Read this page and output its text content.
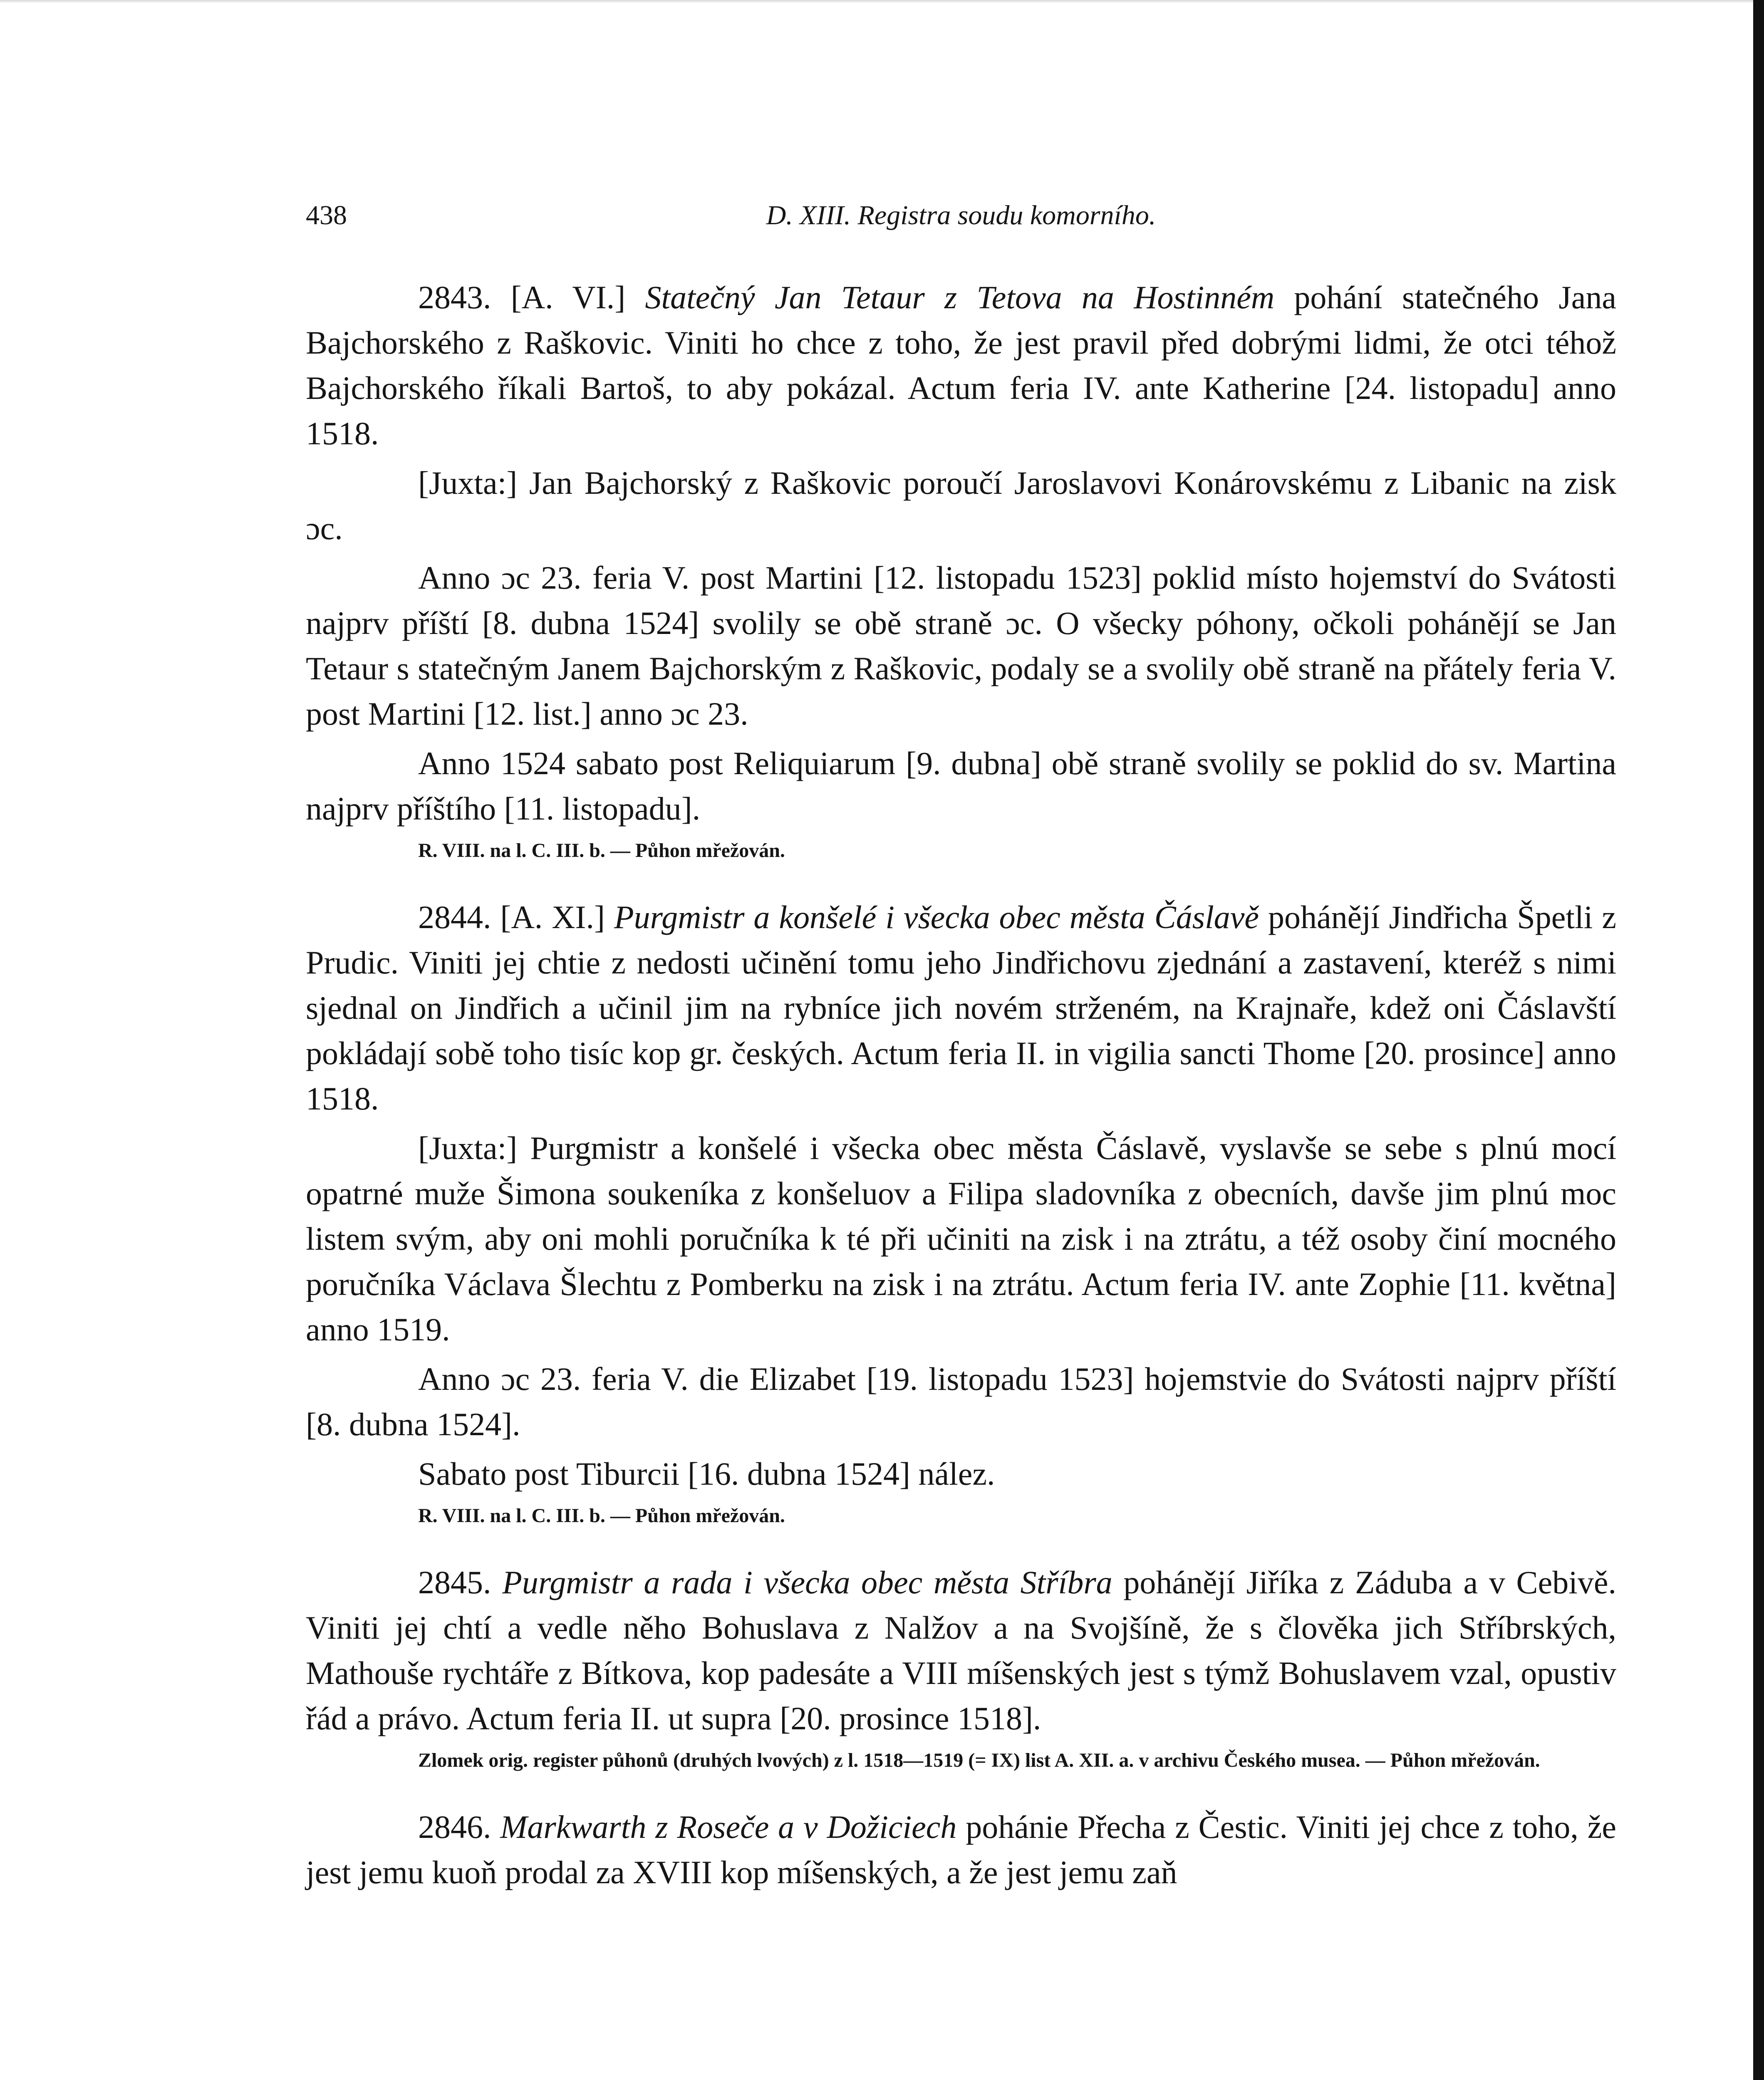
438	D. XIII. Registra soudu komorního.

2843. [A. VI.] Statečný Jan Tetaur z Tetova na Hostinném pohání statečného Jana Bajchorského z Raškovic. Viniti ho chce z toho, že jest pravil před dobrými lidmi, že otci téhož Bajchorského říkali Bartoš, to aby pokázal. Actum feria IV. ante Katherine [24. listopadu] anno 1518.

[Juxta:] Jan Bajchorský z Raškovic poroučí Jaroslavovi Konárovskému z Libanic na zisk ɔc.

Anno ɔc 23. feria V. post Martini [12. listopadu 1523] poklid místo hojemství do Svátosti najprv příští [8. dubna 1524] svolily se obě straně ɔc. O všecky póhony, očkoli pohánějí se Jan Tetaur s statečným Janem Bajchorským z Raškovic, podaly se a svolily obě straně na přátely feria V. post Martini [12. list.] anno ɔc 23.

Anno 1524 sabato post Reliquiarum [9. dubna] obě straně svolily se poklid do sv. Martina najprv příštího [11. listopadu].

R. VIII. na l. C. III. b. — Půhon mřežován.

2844. [A. XI.] Purgmistr a konšelé i všecka obec města Čáslavě pohánějí Jindřicha Špetli z Prudic. Viniti jej chtie z nedosti učinění tomu jeho Jindřichovu zjednání a zastavení, kteréž s nimi sjednal on Jindřich a učinil jim na rybníce jich novém strženém, na Krajnaře, kdež oni Čáslavští pokládají sobě toho tisíc kop gr. českých. Actum feria II. in vigilia sancti Thome [20. prosince] anno 1518.

[Juxta:] Purgmistr a konšelé i všecka obec města Čáslavě, vyslavše se sebe s plnú mocí opatrné muže Šimona soukeníka z konšeluov a Filipa sladovníka z obecních, davše jim plnú moc listem svým, aby oni mohli poručníka k té při učiniti na zisk i na ztrátu, a též osoby činí mocného poručníka Václava Šlechtu z Pomberku na zisk i na ztrátu. Actum feria IV. ante Zophie [11. května] anno 1519.

Anno ɔc 23. feria V. die Elizabet [19. listopadu 1523] hojemstvie do Svátosti najprv příští [8. dubna 1524].

Sabato post Tiburcii [16. dubna 1524] nález.

R. VIII. na l. C. III. b. — Půhon mřežován.

2845. Purgmistr a rada i všecka obec města Stříbra pohánějí Jiříka z Záduba a v Cebivě. Viniti jej chtí a vedle něho Bohuslava z Nalžov a na Svojšíně, že s člověka jich Stříbrských, Mathouše rychtáře z Bítkova, kop padesáte a VIII míšenských jest s týmž Bohuslavem vzal, opustiv řád a právo. Actum feria II. ut supra [20. prosince 1518].

Zlomek orig. register půhonů (druhých lvových) z l. 1518—1519 (= IX) list A. XII. a. v archivu Českého musea. — Půhon mřežován.

2846. Markwarth z Roseče a v Dožiciech pohánie Přecha z Čestic. Viniti jej chce z toho, že jest jemu kuoň prodal za XVIII kop míšenských, a že jest jemu zaň
